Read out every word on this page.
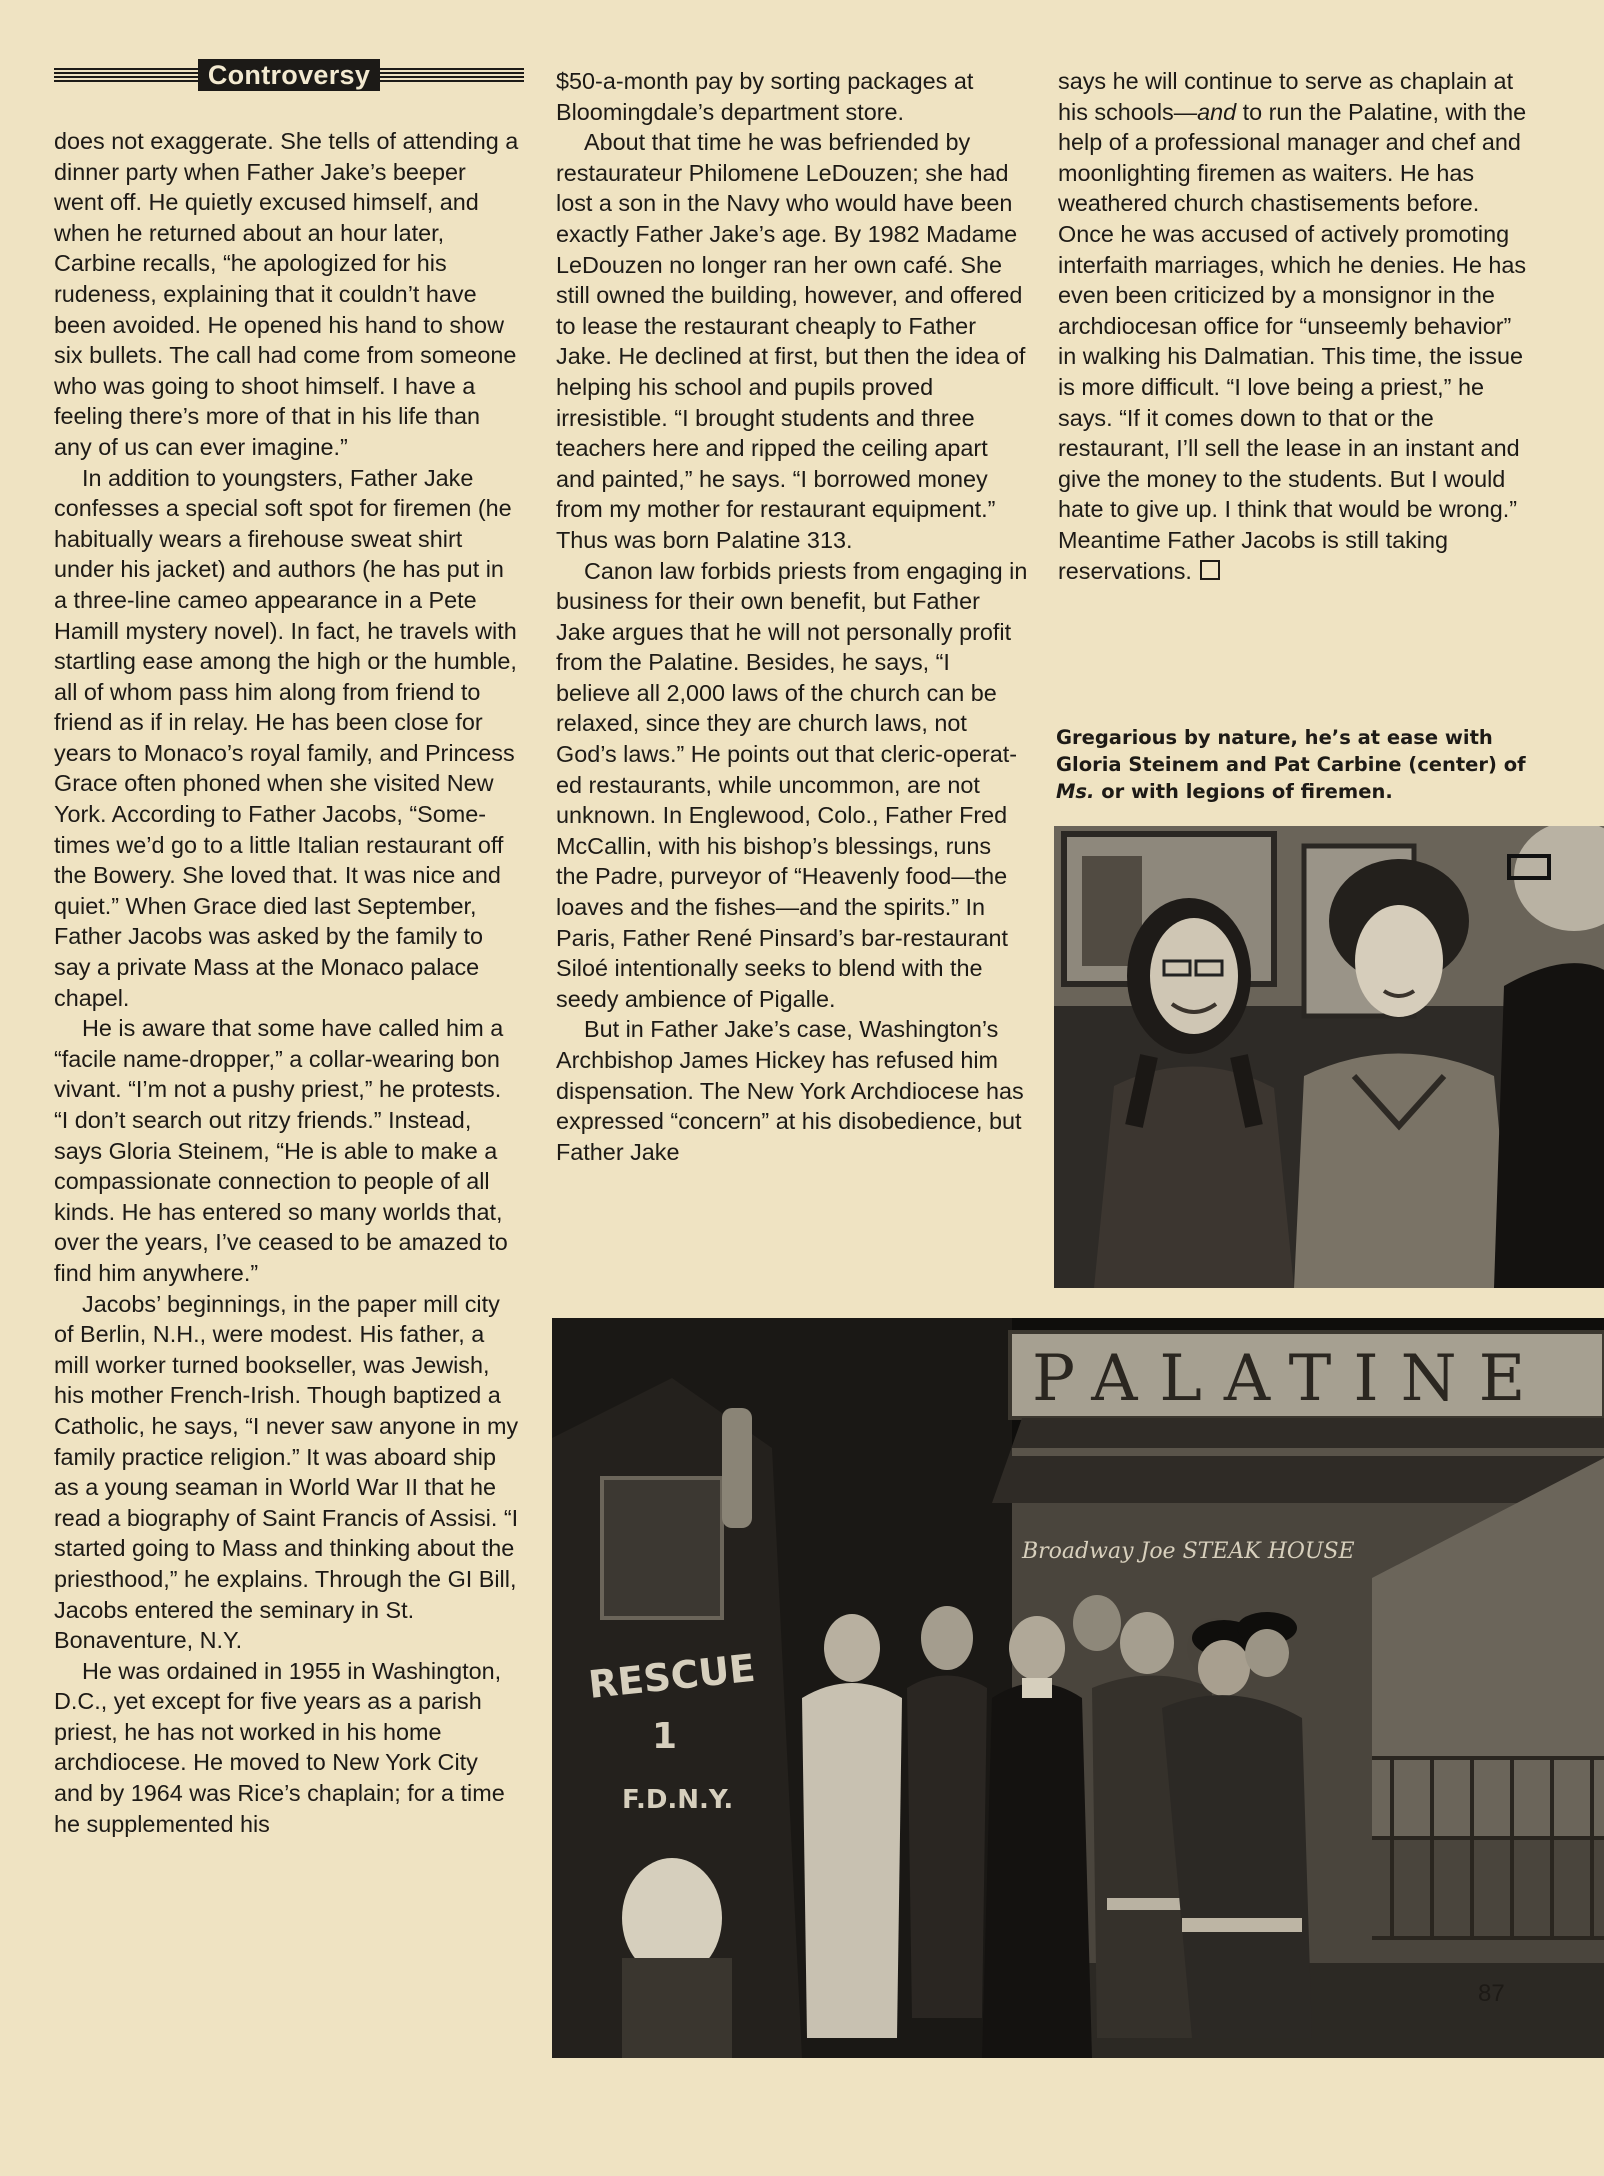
Controversy

does not exaggerate. She tells of attending a dinner party when Father Jake’s beeper went off. He quietly excused himself, and when he returned about an hour later, Carbine recalls, “he apologized for his rudeness, explaining that it couldn’t have been avoided. He opened his hand to show six bullets. The call had come from someone who was going to shoot himself. I have a feeling there’s more of that in his life than any of us can ever imagine.”

In addition to youngsters, Father Jake confesses a special soft spot for firemen (he habitually wears a firehouse sweat shirt under his jacket) and authors (he has put in a three-line cameo appearance in a Pete Hamill mystery novel). In fact, he travels with startling ease among the high or the humble, all of whom pass him along from friend to friend as if in relay. He has been close for years to Monaco’s royal family, and Princess Grace often phoned when she visited New York. According to Father Jacobs, “Sometimes we’d go to a little Italian restaurant off the Bowery. She loved that. It was nice and quiet.” When Grace died last September, Father Jacobs was asked by the family to say a private Mass at the Monaco palace chapel.

He is aware that some have called him a “facile name-dropper,” a collar-wearing bon vivant. “I’m not a pushy priest,” he protests. “I don’t search out ritzy friends.” Instead, says Gloria Steinem, “He is able to make a compassionate connection to people of all kinds. He has entered so many worlds that, over the years, I’ve ceased to be amazed to find him anywhere.”

Jacobs’ beginnings, in the paper mill city of Berlin, N.H., were modest. His father, a mill worker turned bookseller, was Jewish, his mother French-Irish. Though baptized a Catholic, he says, “I never saw anyone in my family practice religion.” It was aboard ship as a young seaman in World War II that he read a biography of Saint Francis of Assisi. “I started going to Mass and thinking about the priesthood,” he explains. Through the GI Bill, Jacobs entered the seminary in St. Bonaventure, N.Y.

He was ordained in 1955 in Washington, D.C., yet except for five years as a parish priest, he has not worked in his home archdiocese. He moved to New York City and by 1964 was Rice’s chaplain; for a time he supplemented his

$50-a-month pay by sorting packages at Bloomingdale’s department store.

About that time he was befriended by restaurateur Philomene LeDouzen; she had lost a son in the Navy who would have been exactly Father Jake’s age. By 1982 Madame LeDouzen no longer ran her own café. She still owned the building, however, and offered to lease the restaurant cheaply to Father Jake. He declined at first, but then the idea of helping his school and pupils proved irresistible. “I brought students and three teachers here and ripped the ceiling apart and painted,” he says. “I borrowed money from my mother for restaurant equipment.” Thus was born Palatine 313.

Canon law forbids priests from engaging in business for their own benefit, but Father Jake argues that he will not personally profit from the Palatine. Besides, he says, “I believe all 2,000 laws of the church can be relaxed, since they are church laws, not God’s laws.” He points out that cleric-operated restaurants, while uncommon, are not unknown. In Englewood, Colo., Father Fred McCallin, with his bishop’s blessings, runs the Padre, purveyor of “Heavenly food—the loaves and the fishes—and the spirits.” In Paris, Father René Pinsard’s bar-restaurant Siloé intentionally seeks to blend with the seedy ambience of Pigalle.

But in Father Jake’s case, Washington’s Archbishop James Hickey has refused him dispensation. The New York Archdiocese has expressed “concern” at his disobedience, but Father Jake

says he will continue to serve as chaplain at his schools—and to run the Palatine, with the help of a professional manager and chef and moonlighting firemen as waiters. He has weathered church chastisements before. Once he was accused of actively promoting interfaith marriages, which he denies. He has even been criticized by a monsignor in the archdiocesan office for “unseemly behavior” in walking his Dalmatian. This time, the issue is more difficult. “I love being a priest,” he says. “If it comes down to that or the restaurant, I’ll sell the lease in an instant and give the money to the students. But I would hate to give up. I think that would be wrong.” Meantime Father Jacobs is still taking reservations.

Gregarious by nature, he’s at ease with Gloria Steinem and Pat Carbine (center) of Ms. or with legions of firemen.
PALATINE
Broadway Joe STEAK HOUSE
RESCUE
1
F.D.N.Y.
87
